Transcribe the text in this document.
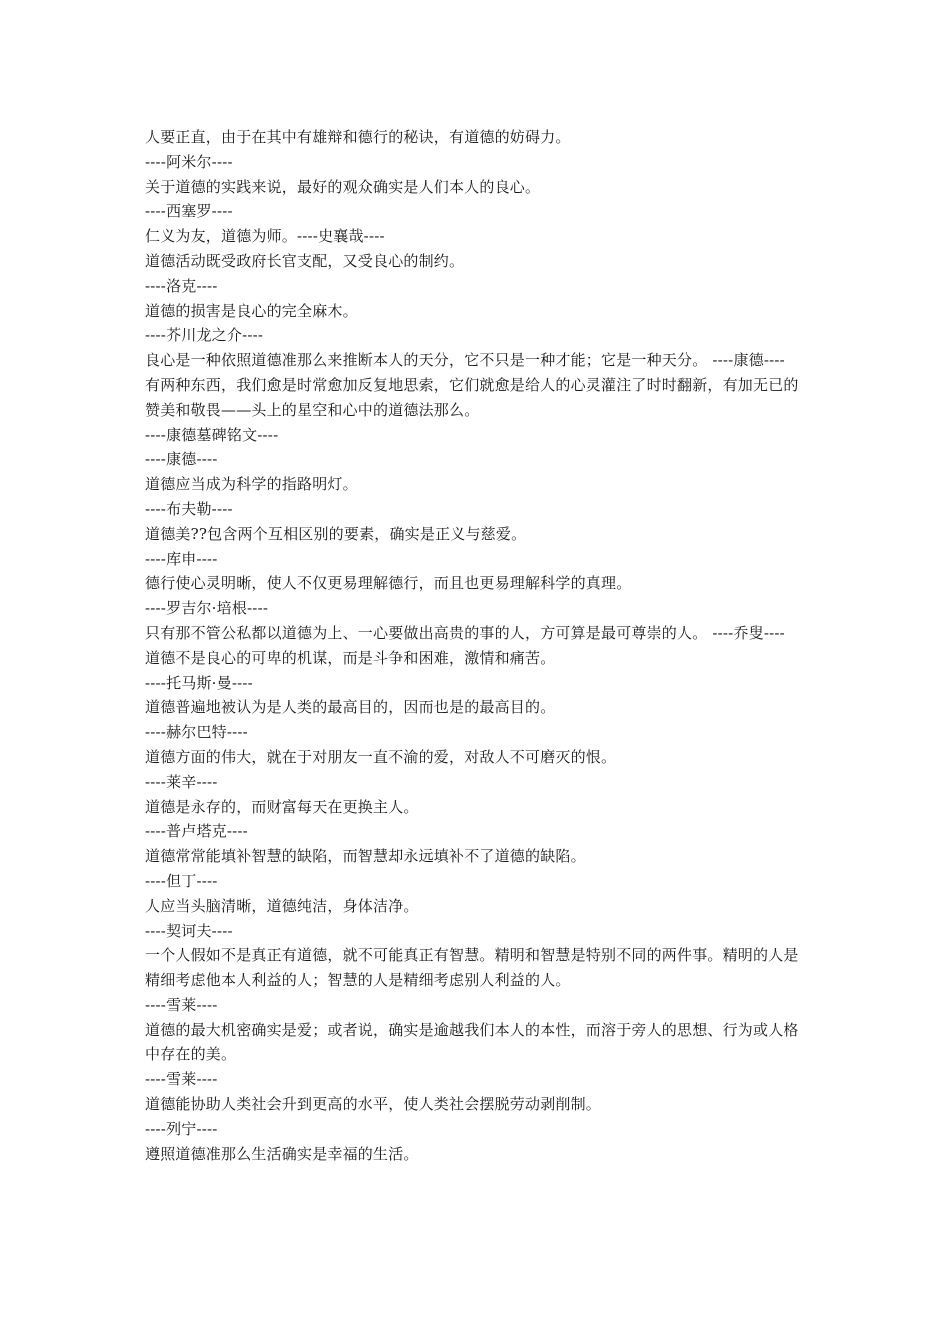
人要正直，由于在其中有雄辩和德行的秘诀，有道德的妨碍力。

----阿米尔----

关于道德的实践来说，最好的观众确实是人们本人的良心。

----西塞罗----

仁义为友，道德为师。----史襄哉----

道德活动既受政府长官支配，又受良心的制约。

----洛克----

道德的损害是良心的完全麻木。

----芥川龙之介----

良心是一种依照道德准那么来推断本人的天分，它不只是一种才能；它是一种天分。 ----康德----

有两种东西，我们愈是时常愈加反复地思索，它们就愈是给人的心灵灌注了时时翻新，有加无已的赞美和敬畏——头上的星空和心中的道德法那么。

----康德墓碑铭文----

----康德----

道德应当成为科学的指路明灯。

----布夫勒----

道德美??包含两个互相区别的要素，确实是正义与慈爱。

----库申----

德行使心灵明晰，使人不仅更易理解德行，而且也更易理解科学的真理。

----罗吉尔·培根----

只有那不管公私都以道德为上、一心要做出高贵的事的人，方可算是最可尊崇的人。 ----乔叟----

道德不是良心的可卑的机谋，而是斗争和困难，激情和痛苦。

----托马斯·曼----

道德普遍地被认为是人类的最高目的，因而也是的最高目的。

----赫尔巴特----

道德方面的伟大，就在于对朋友一直不渝的爱，对敌人不可磨灭的恨。

----莱辛----

道德是永存的，而财富每天在更换主人。

----普卢塔克----

道德常常能填补智慧的缺陷，而智慧却永远填补不了道德的缺陷。

----但丁----

人应当头脑清晰，道德纯洁，身体洁净。

----契诃夫----

一个人假如不是真正有道德，就不可能真正有智慧。精明和智慧是特别不同的两件事。精明的人是精细考虑他本人利益的人；智慧的人是精细考虑别人利益的人。

----雪莱----

道德的最大机密确实是爱；或者说，确实是逾越我们本人的本性，而溶于旁人的思想、行为或人格中存在的美。

----雪莱----

道德能协助人类社会升到更高的水平，使人类社会摆脱劳动剥削制。

----列宁----

遵照道德准那么生活确实是幸福的生活。
